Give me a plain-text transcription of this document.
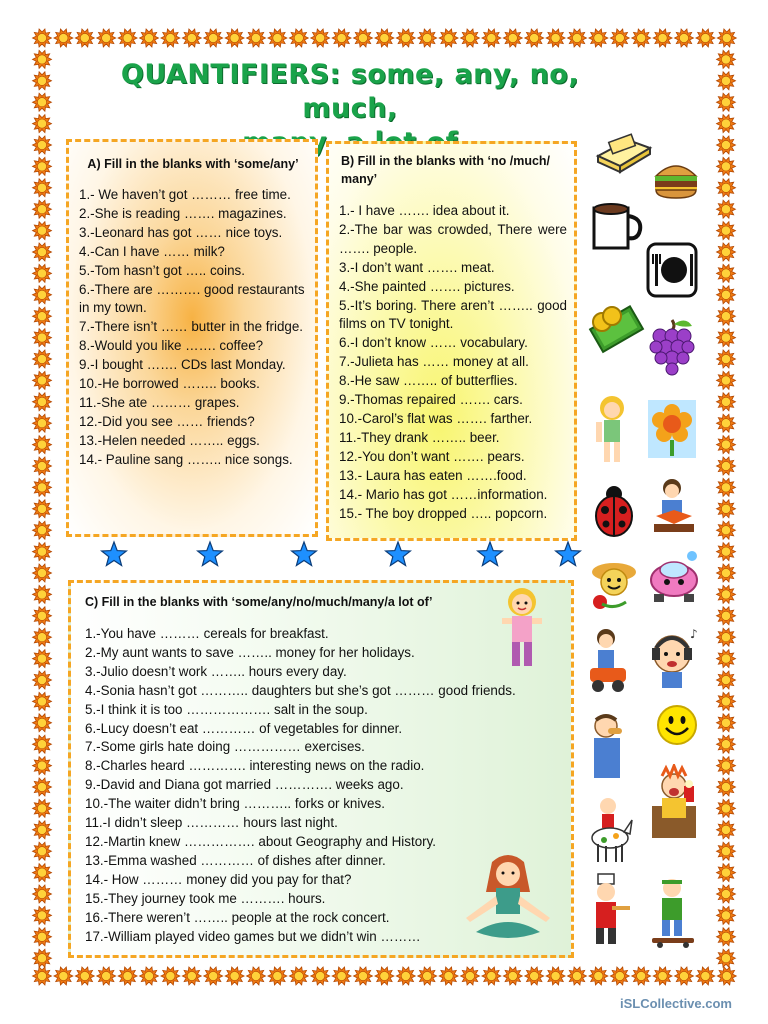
QUANTIFIERS: some, any, no, much,
A) Fill in the blanks with ‘some/any’
1.- We haven’t got ……… free time.
2.-She is reading ……. magazines.
3.-Leonard has got …… nice toys.
4.-Can I have …… milk?
5.-Tom hasn’t got ….. coins.
6.-There are ………. good restaurants in my town.
7.-There isn’t …… butter in the fridge.
8.-Would you like ……. coffee?
9.-I bought ……. CDs last Monday.
10.-He borrowed …….. books.
11.-She ate ……… grapes.
12.-Did you see …… friends?
13.-Helen needed …….. eggs.
14.- Pauline sang …….. nice songs.
B) Fill in the blanks with ‘no /much/ many’
1.- I have ……. idea about it.
2.-The bar was crowded, There were ……. people.
3.-I don’t want ……. meat.
4.-She painted ……. pictures.
5.-It’s boring. There aren’t …….. good films on TV tonight.
6.-I don’t know …… vocabulary.
7.-Julieta has …… money at all.
8.-He saw …….. of butterflies.
9.-Thomas repaired ……. cars.
10.-Carol’s flat was ……. farther.
11.-They drank …….. beer.
12.-You don’t want ……. pears.
13.- Laura has eaten …….food.
14.- Mario has got ……information.
15.- The boy dropped ….. popcorn.
C) Fill in the blanks with ‘some/any/no/much/many/a lot of’
1.-You have ……… cereals for breakfast.
2.-My aunt wants to save …….. money for her holidays.
3.-Julio doesn’t work …….. hours every day.
4.-Sonia hasn’t got ……….. daughters but she’s got ……… good friends.
5.-I think it is too ………………. salt in the soup.
6.-Lucy doesn’t eat ………… of vegetables for dinner.
7.-Some girls hate doing …………… exercises.
8.-Charles heard …………. interesting news on the radio.
9.-David and Diana got married …………. weeks ago.
10.-The waiter didn’t bring ……….. forks or knives.
11.-I didn’t sleep ………… hours last night.
12.-Martin knew ……………. about Geography and History.
13.-Emma washed ………… of dishes after dinner.
14.- How ……… money did you pay for that?
15.-They journey took me ………. hours.
16.-There weren’t …….. people at the rock concert.
17.-William played video games but we didn’t win ………
♪
iSLCollective.com
